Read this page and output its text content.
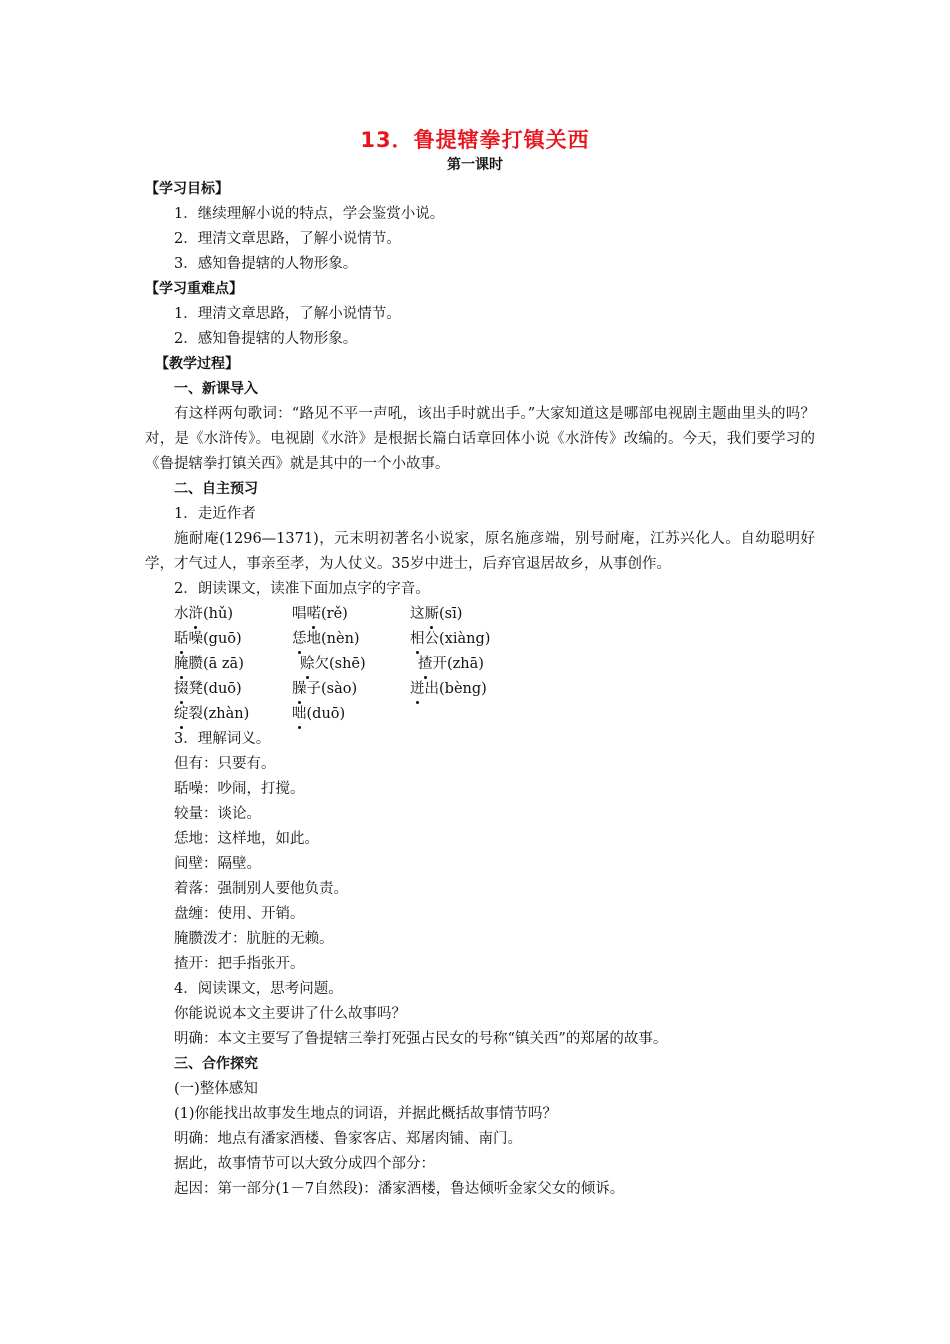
13．鲁提辖拳打镇关西
第一课时
【学习目标】
1．继续理解小说的特点，学会鉴赏小说。
2．理清文章思路，了解小说情节。
3．感知鲁提辖的人物形象。
【学习重难点】
1．理清文章思路，了解小说情节。
2．感知鲁提辖的人物形象。
【教学过程】
一、新课导入
有这样两句歌词：“路见不平一声吼，该出手时就出手。”大家知道这是哪部电视剧主题曲里头的吗？对，是《水浒传》。电视剧《水浒》是根据长篇白话章回体小说《水浒传》改编的。今天，我们要学习的《鲁提辖拳打镇关西》就是其中的一个小故事。
二、自主预习
1．走近作者
施耐庵(1296—1371)，元末明初著名小说家，原名施彦端，别号耐庵，江苏兴化人。自幼聪明好学，才气过人，事亲至孝，为人仗义。35岁中进士，后弃官退居故乡，从事创作。
2．朗读课文，读准下面加点字的字音。
水浒(hǔ)	唱喏(rě)	这厮(sī)
聒噪(guō)	恁地(nèn)	相公(xiàng)
腌臜(ā zā)	赊欠(shē)	揸开(zhā)
掇凳(duō)	臊子(sào)	迸出(bèng)
绽裂(zhàn)	咄(duō)
3．理解词义。
但有：只要有。
聒噪：吵闹，打搅。
较量：谈论。
恁地：这样地，如此。
间壁：隔壁。
着落：强制别人要他负责。
盘缠：使用、开销。
腌臜泼才：肮脏的无赖。
揸开：把手指张开。
4．阅读课文，思考问题。
你能说说本文主要讲了什么故事吗？
明确：本文主要写了鲁提辖三拳打死强占民女的号称“镇关西”的郑屠的故事。
三、合作探究
(一)整体感知
(1)你能找出故事发生地点的词语，并据此概括故事情节吗？
明确：地点有潘家酒楼、鲁家客店、郑屠肉铺、南门。
据此，故事情节可以大致分成四个部分：
起因：第一部分(1－7自然段)：潘家酒楼，鲁达倾听金家父女的倾诉。
